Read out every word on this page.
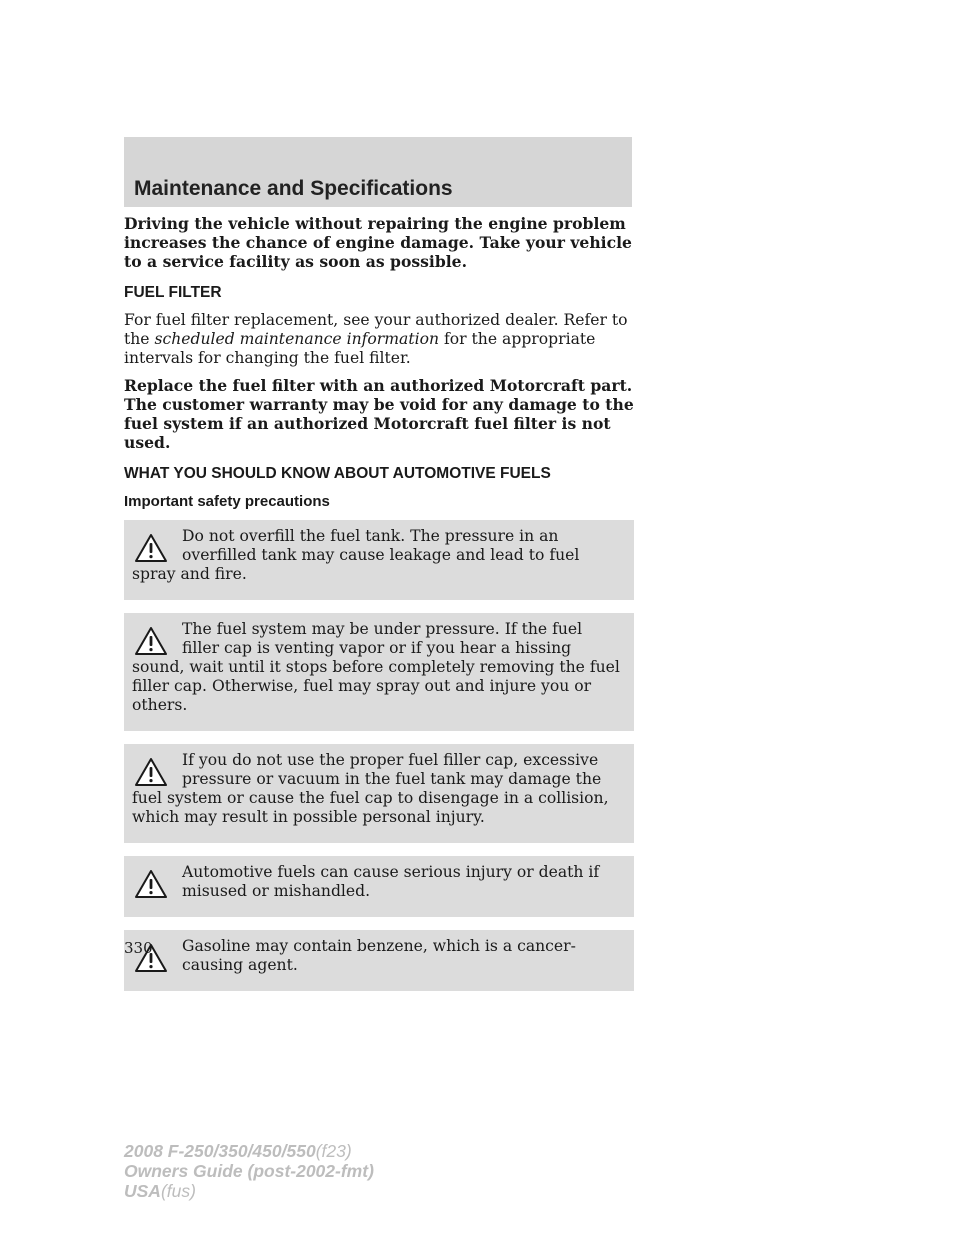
Maintenance and Specifications

Driving the vehicle without repairing the engine problem increases the chance of engine damage. Take your vehicle to a service facility as soon as possible.

FUEL FILTER

For fuel filter replacement, see your authorized dealer. Refer to the scheduled maintenance information for the appropriate intervals for changing the fuel filter.

Replace the fuel filter with an authorized Motorcraft part. The customer warranty may be void for any damage to the fuel system if an authorized Motorcraft fuel filter is not used.

WHAT YOU SHOULD KNOW ABOUT AUTOMOTIVE FUELS
Important safety precautions

Do not overfill the fuel tank. The pressure in an overfilled tank may cause leakage and lead to fuel spray and fire.

The fuel system may be under pressure. If the fuel filler cap is venting vapor or if you hear a hissing sound, wait until it stops before completely removing the fuel filler cap. Otherwise, fuel may spray out and injure you or others.

If you do not use the proper fuel filler cap, excessive pressure or vacuum in the fuel tank may damage the fuel system or cause the fuel cap to disengage in a collision, which may result in possible personal injury.

Automotive fuels can cause serious injury or death if misused or mishandled.

Gasoline may contain benzene, which is a cancer-causing agent.

330
2008 F-250/350/450/550(f23)
Owners Guide (post-2002-fmt)
USA(fus)
